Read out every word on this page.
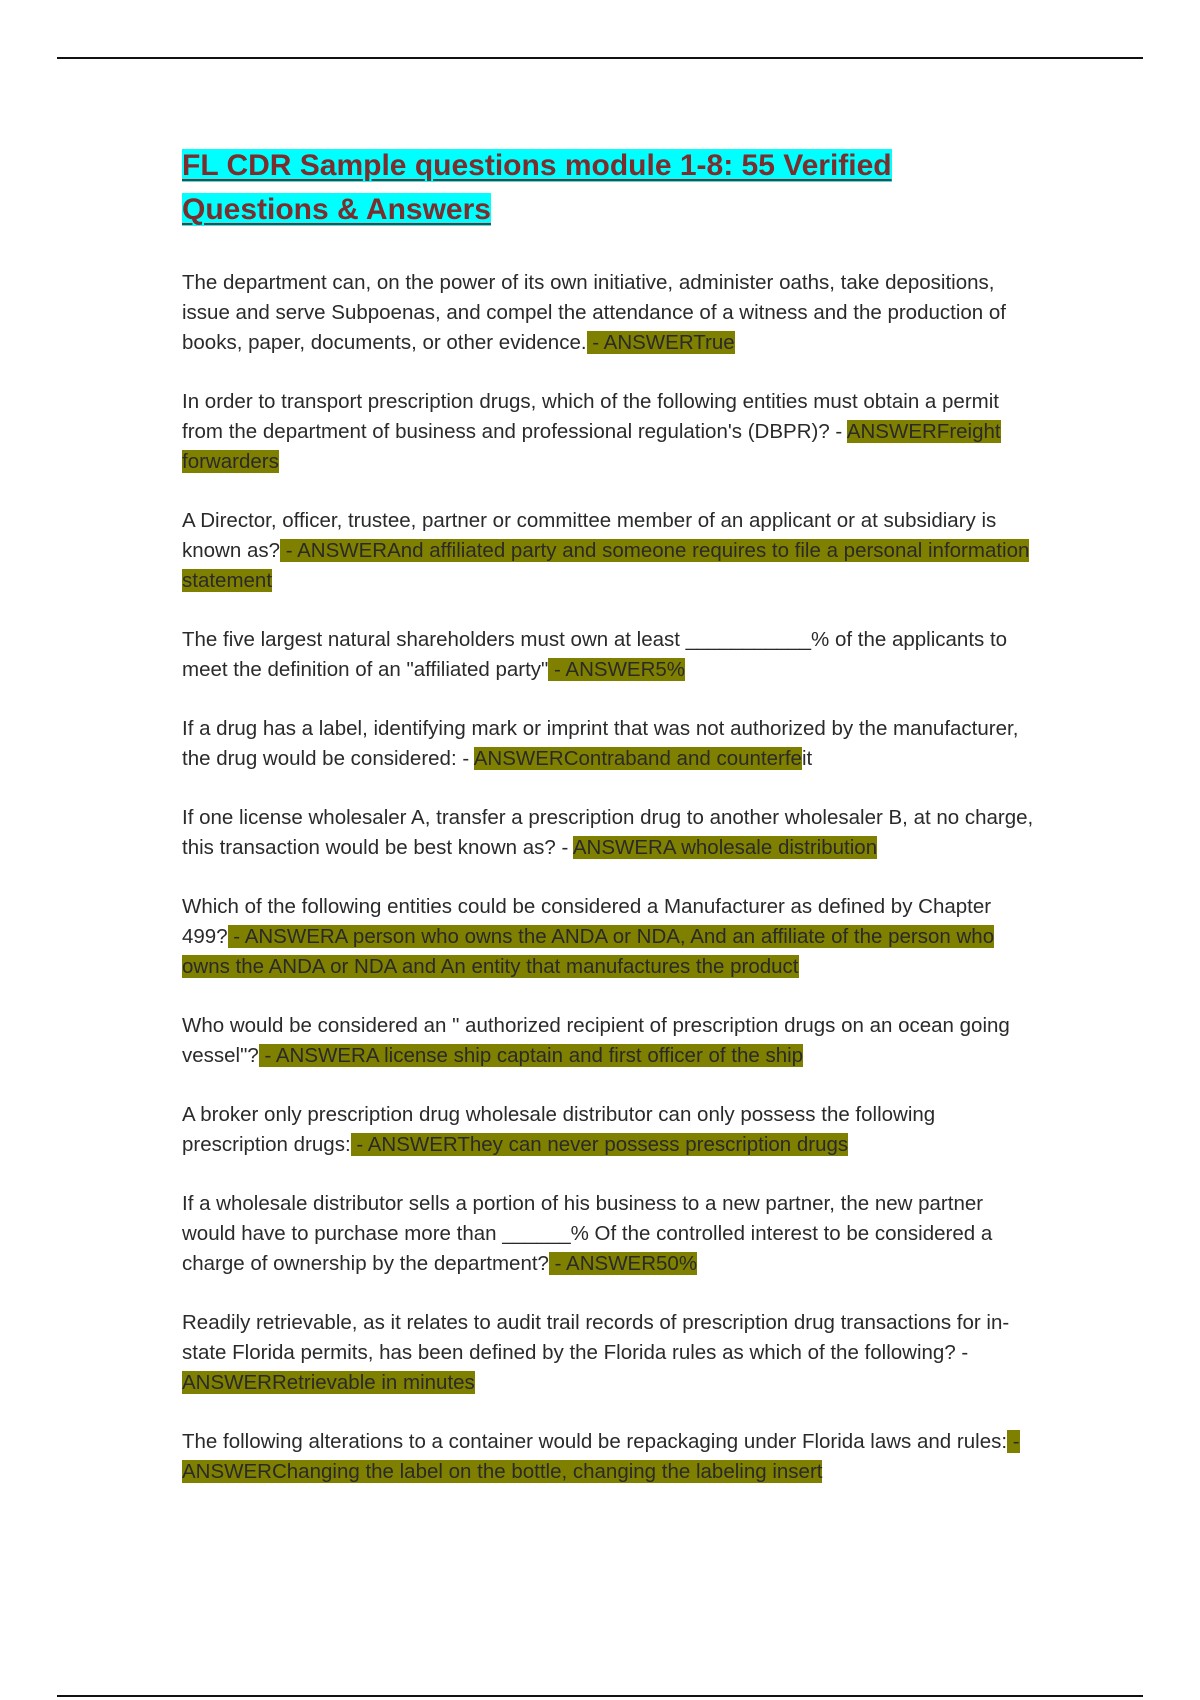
FL CDR Sample questions module 1-8: 55 Verified Questions & Answers

The department can, on the power of its own initiative, administer oaths, take depositions, issue and serve Subpoenas, and compel the attendance of a witness and the production of books, paper, documents, or other evidence. - ANSWERTrue

In order to transport prescription drugs, which of the following entities must obtain a permit from the department of business and professional regulation's (DBPR)? - ANSWERFreight forwarders

A Director, officer, trustee, partner or committee member of an applicant or at subsidiary is known as? - ANSWERAnd affiliated party and someone requires to file a personal information statement

The five largest natural shareholders must own at least ___________% of the applicants to meet the definition of an "affiliated party" - ANSWER5%

If a drug has a label, identifying mark or imprint that was not authorized by the manufacturer, the drug would be considered: - ANSWERContraband and counterfeit

If one license wholesaler A, transfer a prescription drug to another wholesaler B, at no charge, this transaction would be best known as? - ANSWERA wholesale distribution

Which of the following entities could be considered a Manufacturer as defined by Chapter 499? - ANSWERA person who owns the ANDA or NDA, And an affiliate of the person who owns the ANDA or NDA and An entity that manufactures the product

Who would be considered an " authorized recipient of prescription drugs on an ocean going vessel"? - ANSWERA license ship captain and first officer of the ship

A broker only prescription drug wholesale distributor can only possess the following prescription drugs: - ANSWERThey can never possess prescription drugs

If a wholesale distributor sells a portion of his business to a new partner, the new partner would have to purchase more than ______% Of the controlled interest to be considered a charge of ownership by the department? - ANSWER50%

Readily retrievable, as it relates to audit trail records of prescription drug transactions for in-state Florida permits, has been defined by the Florida rules as which of the following? - ANSWERRetrievable in minutes

The following alterations to a container would be repackaging under Florida laws and rules: - ANSWERChanging the label on the bottle, changing the labeling insert
